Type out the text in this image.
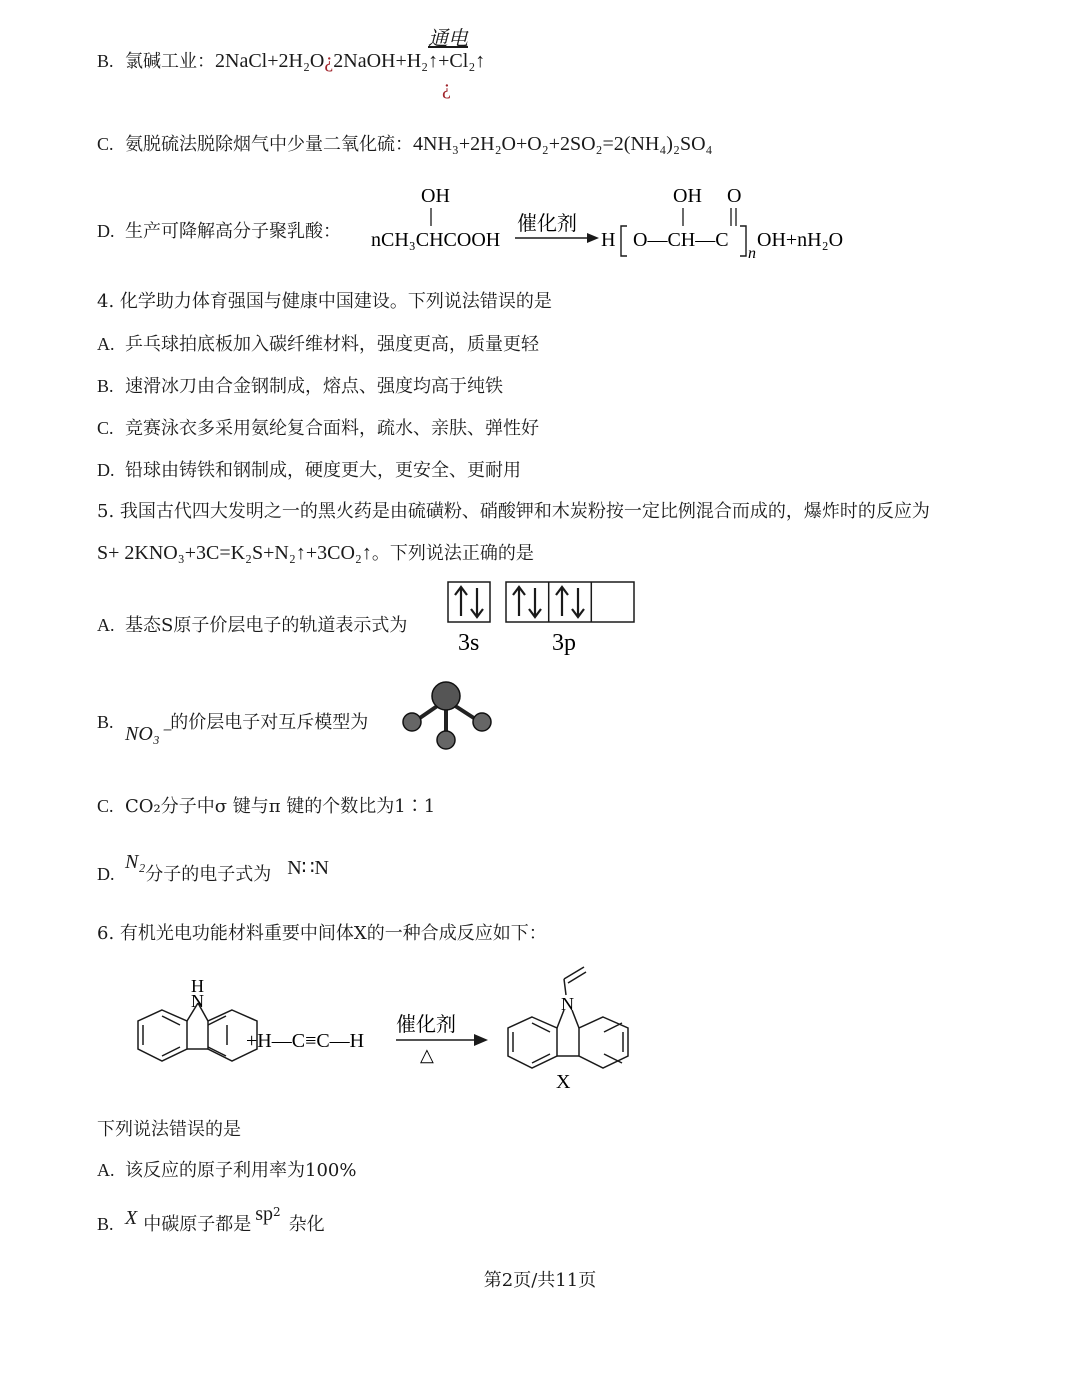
通电
B. 氯碱工业：2NaCl+2H₂O¿2NaOH+H₂↑+Cl₂↑
¿
C. 氨脱硫法脱除烟气中少量二氧化硫：4NH₃+2H₂O+O₂+2SO₂=2(NH₄)₂SO₄
D. 生产可降解高分子聚乳酸：
OH
nCH₃CHCOOH
催化剂
H O—CH—C
OH O
n
OH+nH₂O
4. 化学助力体育强国与健康中国建设。下列说法错误的是
A. 乒乓球拍底板加入碳纤维材料，强度更高，质量更轻
B. 速滑冰刀由合金钢制成，熔点、强度均高于纯铁
C. 竞赛泳衣多采用氨纶复合面料，疏水、亲肤、弹性好
D. 铅球由铸铁和钢制成，硬度更大，更安全、更耐用
5. 我国古代四大发明之一的黑火药是由硫磺粉、硝酸钾和木炭粉按一定比例混合而成的，爆炸时的反应为
S+ 2KNO₃+3C=K₂S+N₂↑+3CO₂↑。下列说法正确的是
A. 基态S原子价层电子的轨道表示式为
3s	3p
B.NO₃⁻的价层电子对互斥模型为
C. CO₂分子中σ 键与π 键的个数比为1∶1
D.N₂分子的电子式为 N∷N
6. 有机光电功能材料重要中间体X的一种合成反应如下：
H
N
+H—C≡C—H
催化剂
△
N
X
下列说法错误的是
A. 该反应的原子利用率为100%
B. X 中碳原子都是 $sp^2$杂化
第2页/共11页
